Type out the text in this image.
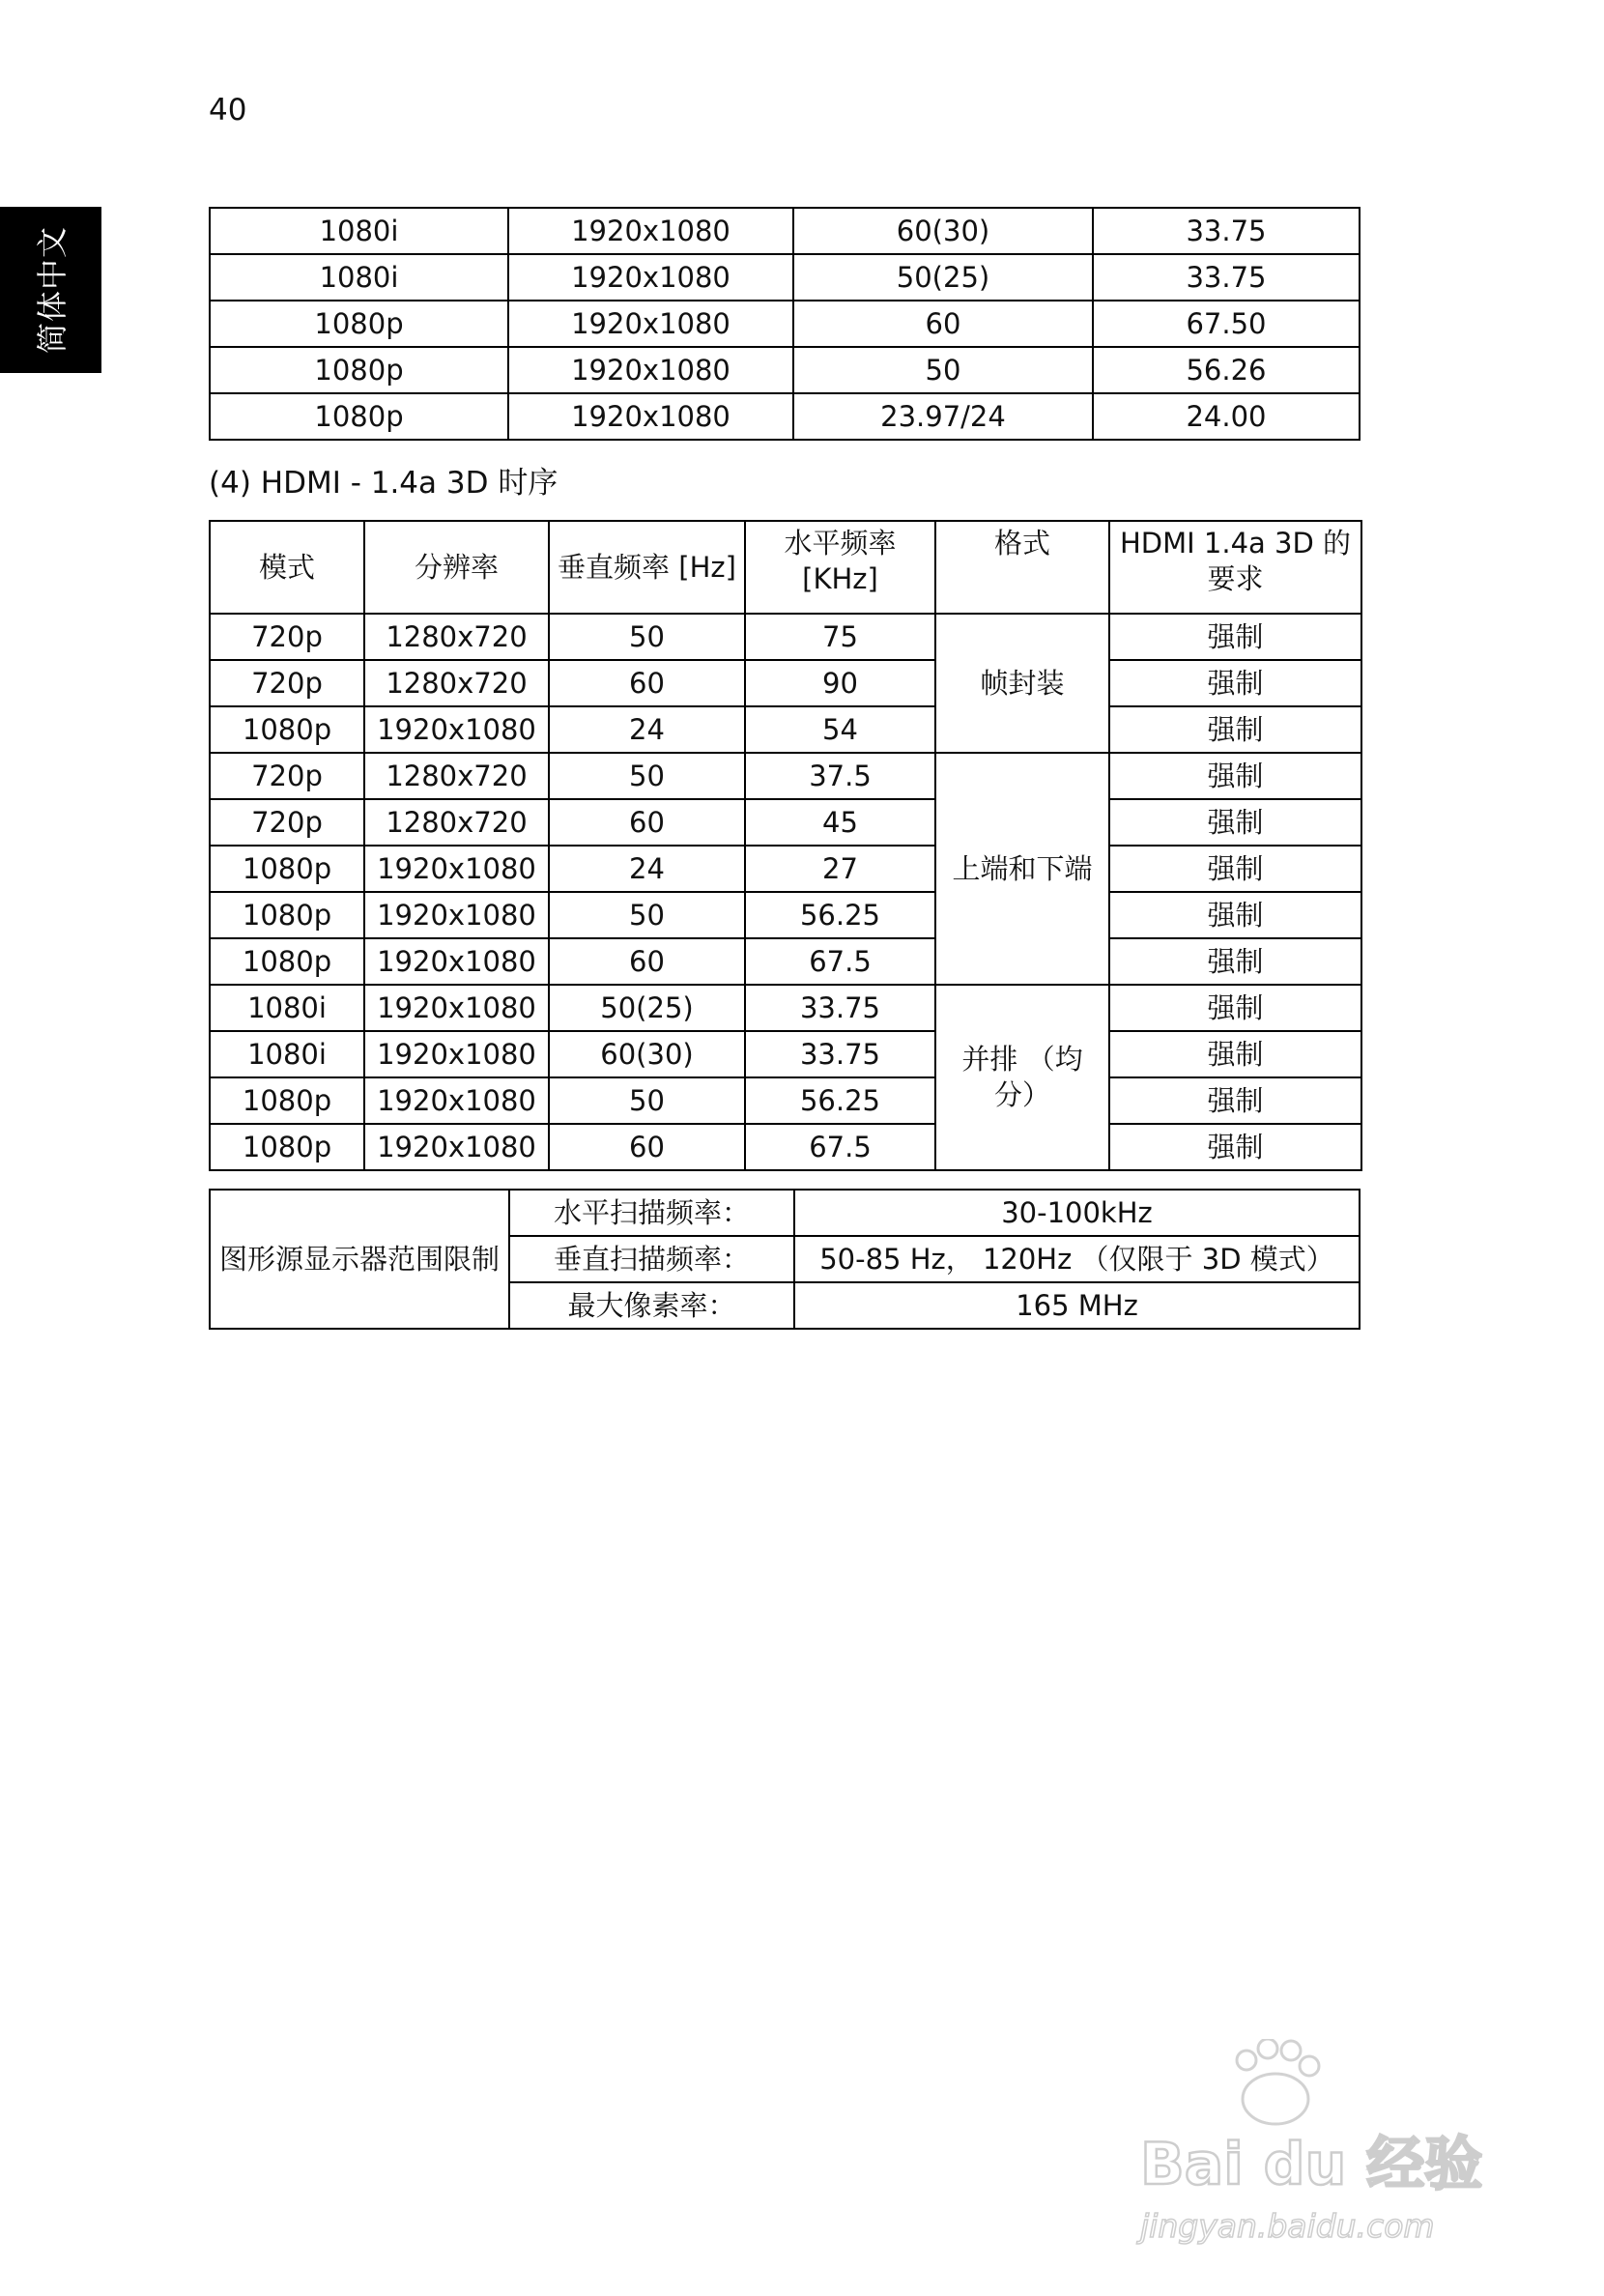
40
简体中文	1080i	1920x1080	60(30)	33.75
1080i	1920x1080	50(25)	33.75
1080p	1920x1080	60	67.50
1080p	1920x1080	50	56.26
1080p	1920x1080	23.97/24	24.00
(4) HDMI - 1.4a 3D 时序
模式	分辨率	垂直频率 [Hz]	水平频率 [KHz]	格式	HDMI 1.4a 3D 的要求
720p	1280x720	50	75	帧封装	强制
720p	1280x720	60	90		强制
1080p	1920x1080	24	54		强制
720p	1280x720	50	37.5	上端和下端	强制
720p	1280x720	60	45		强制
1080p	1920x1080	24	27		强制
1080p	1920x1080	50	56.25		强制
1080p	1920x1080	60	67.5		强制
1080i	1920x1080	50(25)	33.75	并排 （均分）	强制
1080i	1920x1080	60(30)	33.75		强制
1080p	1920x1080	50	56.25		强制
1080p	1920x1080	60	67.5		强制
图形源显示器范围限制	水平扫描频率：	30-100kHz
	垂直扫描频率：	50-85 Hz， 120Hz （仅限于 3D 模式）
	最大像素率：	165 MHz
Bai du 经验
jingyan.baidu.com
